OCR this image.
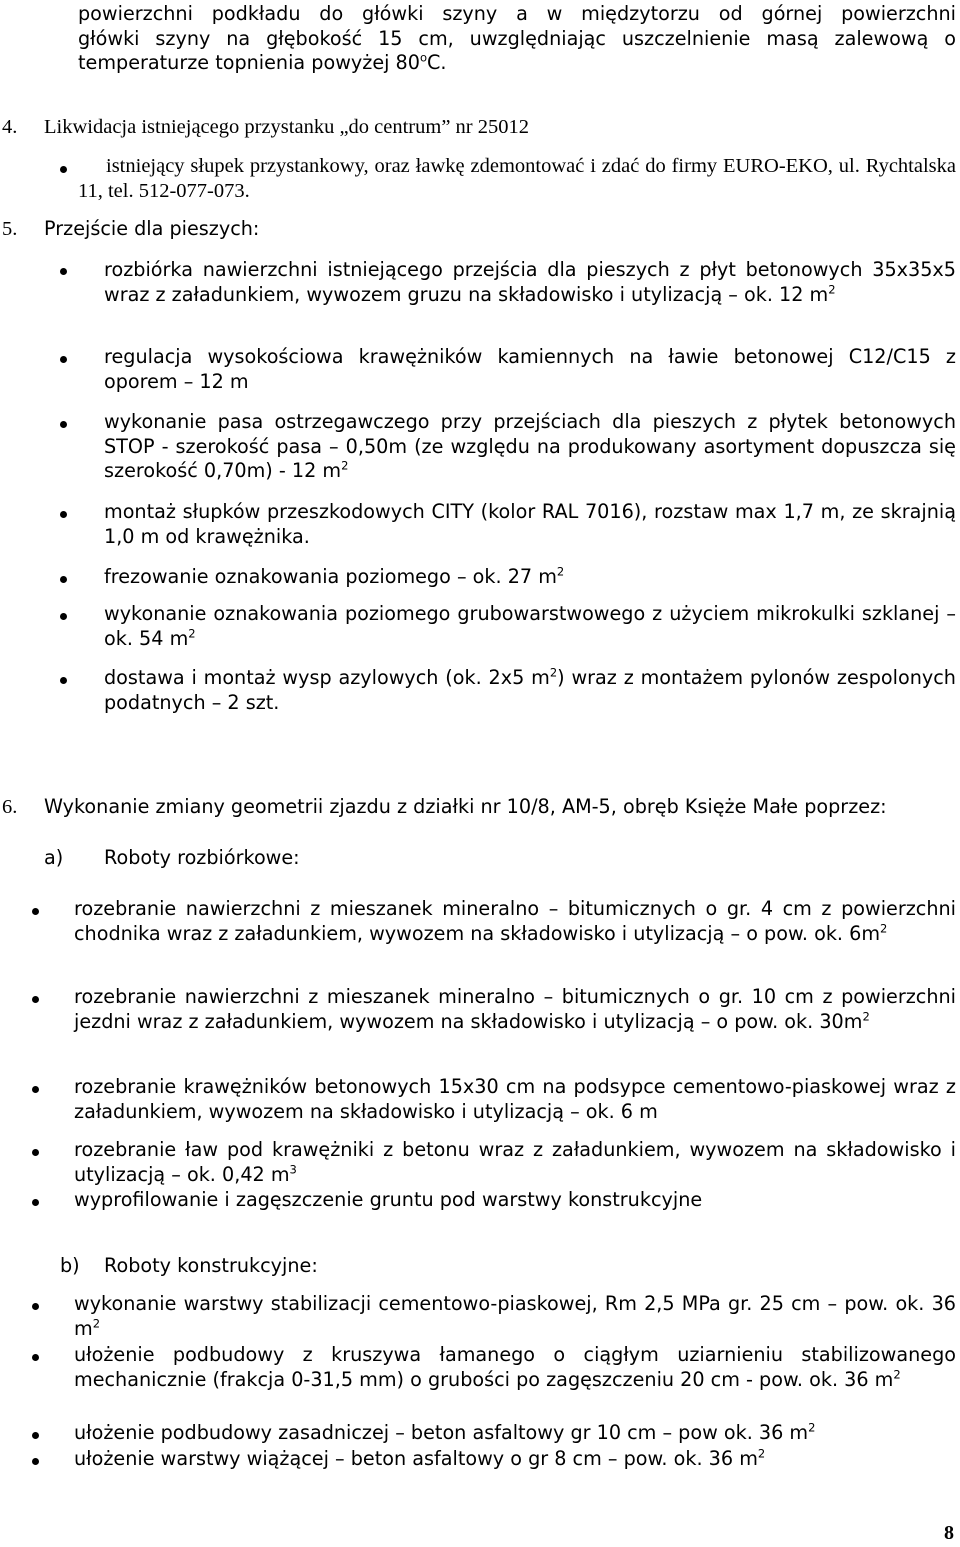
powierzchni podkładu do główki szyny a w międzytorzu od górnej powierzchni
główki szyny na głębokość 15 cm, uwzględniając uszczelnienie masą zalewową o
temperaturze topnienia powyżej 80$^o$C.
4. Likwidacja istniejącego przystanku „do centrum” nr 25012
istniejący słupek przystankowy, oraz ławkę zdemontować i zdać do firmy EURO-EKO, ul. Rychtalska 11, tel. 512-077-073.
5. Przejście dla pieszych:
rozbiórka nawierzchni istniejącego przejścia dla pieszych z płyt betonowych 35x35x5 wraz z załadunkiem, wywozem gruzu na składowisko i utylizacją – ok. 12 $m^2$
regulacja wysokościowa krawężników kamiennych na ławie betonowej C12/C15 z oporem – 12 m
wykonanie pasa ostrzegawczego przy przejściach dla pieszych z płytek betonowych STOP - szerokość pasa – 0,50m (ze względu na produkowany asortyment dopuszcza się szerokość 0,70m) - 12 $m^2$
montaż słupków przeszkodowych CITY (kolor RAL 7016), rozstaw max 1,7 m, ze skrajnią 1,0 m od krawężnika.
frezowanie oznakowania poziomego – ok. 27 $m^2$
wykonanie oznakowania poziomego grubowarstwowego z użyciem mikrokulki szklanej – ok. 54 $m^2$
dostawa i montaż wysp azylowych (ok. 2x5 $m^2$) wraz z montażem pylonów zespolonych podatnych – 2 szt.
6. Wykonanie zmiany geometrii zjazdu z działki nr 10/8, AM-5, obręb Księże Małe poprzez:
a) Roboty rozbiórkowe:
rozebranie nawierzchni z mieszanek mineralno – bitumicznych o gr. 4 cm z powierzchni chodnika wraz z załadunkiem, wywozem na składowisko i utylizacją – o pow. ok. $6m^2$
rozebranie nawierzchni z mieszanek mineralno – bitumicznych o gr. 10 cm z powierzchni jezdni wraz z załadunkiem, wywozem na składowisko i utylizacją – o pow. ok. $30m^2$
rozebranie krawężników betonowych 15x30 cm na podsypce cementowo-piaskowej wraz z załadunkiem, wywozem na składowisko i utylizacją – ok. 6 m
rozebranie ław pod krawężniki z betonu wraz z załadunkiem, wywozem na składowisko i utylizacją – ok. 0,42 $m^3$
wyprofilowanie i zagęszczenie gruntu pod warstwy konstrukcyjne
b) Roboty konstrukcyjne:
wykonanie warstwy stabilizacji cementowo-piaskowej, Rm 2,5 MPa gr. 25 cm – pow. ok. 36 $m^2$
ułożenie podbudowy z kruszywa łamanego o ciągłym uziarnieniu stabilizowanego mechanicznie (frakcja 0-31,5 mm) o grubości po zagęszczeniu 20 cm - pow. ok. 36 $m^2$
ułożenie podbudowy zasadniczej – beton asfaltowy gr 10 cm – pow ok. 36 $m^2$
ułożenie warstwy wiążącej – beton asfaltowy o gr 8 cm – pow. ok. 36 $m^2$
8
